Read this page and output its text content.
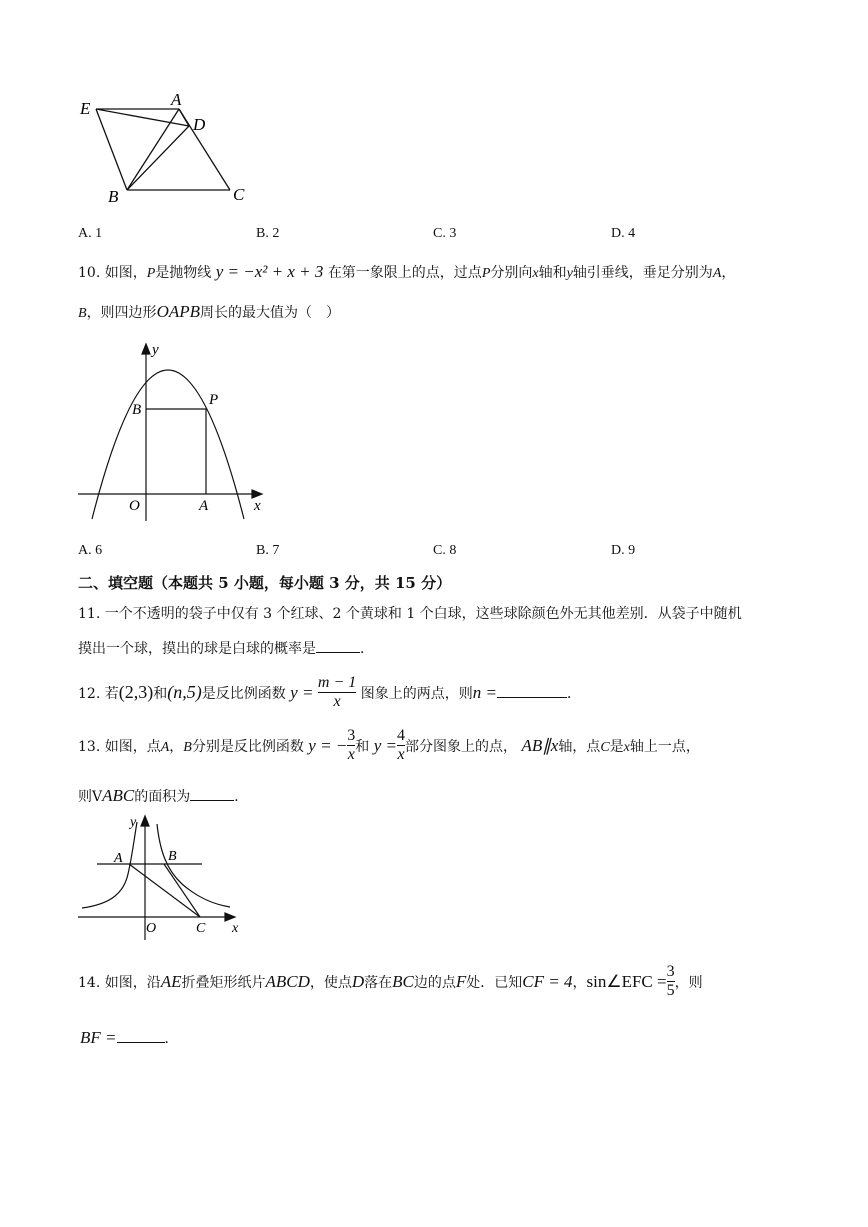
E	A
D
B	C
A. 1	B. 2	C. 3	D. 4
10. 如图，P是抛物线 y = −x² + x + 3 在第一象限上的点，过点P分别向x轴和y轴引垂线，垂足分别为A，
B，则四边形OAPB周长的最大值为（　）
y
B
P
O	A	x
A. 6	B. 7	C. 8	D. 9
二、填空题（本题共 5 小题，每小题 3 分，共 15 分）
11. 一个不透明的袋子中仅有 3 个红球、2 个黄球和 1 个白球，这些球除颜色外无其他差别．从袋子中随机
摸出一个球，摸出的球是白球的概率是	．
12. 若(2,3)和(n,5)是反比例函数 $y = \frac{m - 1}{x}$ 图象上的两点，则n =	．
13. 如图，点A，B分别是反比例函数 y = − $\frac{3}{x}$ 和 $y = \frac{4}{x}$ 部分图象上的点， AB∥x轴，点C是x轴上一点，
则VABC的面积为	．
y
A	B
O	C x
14. 如图，沿AE折叠矩形纸片ABCD，使点D落在BC边的点F处．已知CF = 4，sin∠EFC = $\frac{3}{5}$ ，则
BF =	．
